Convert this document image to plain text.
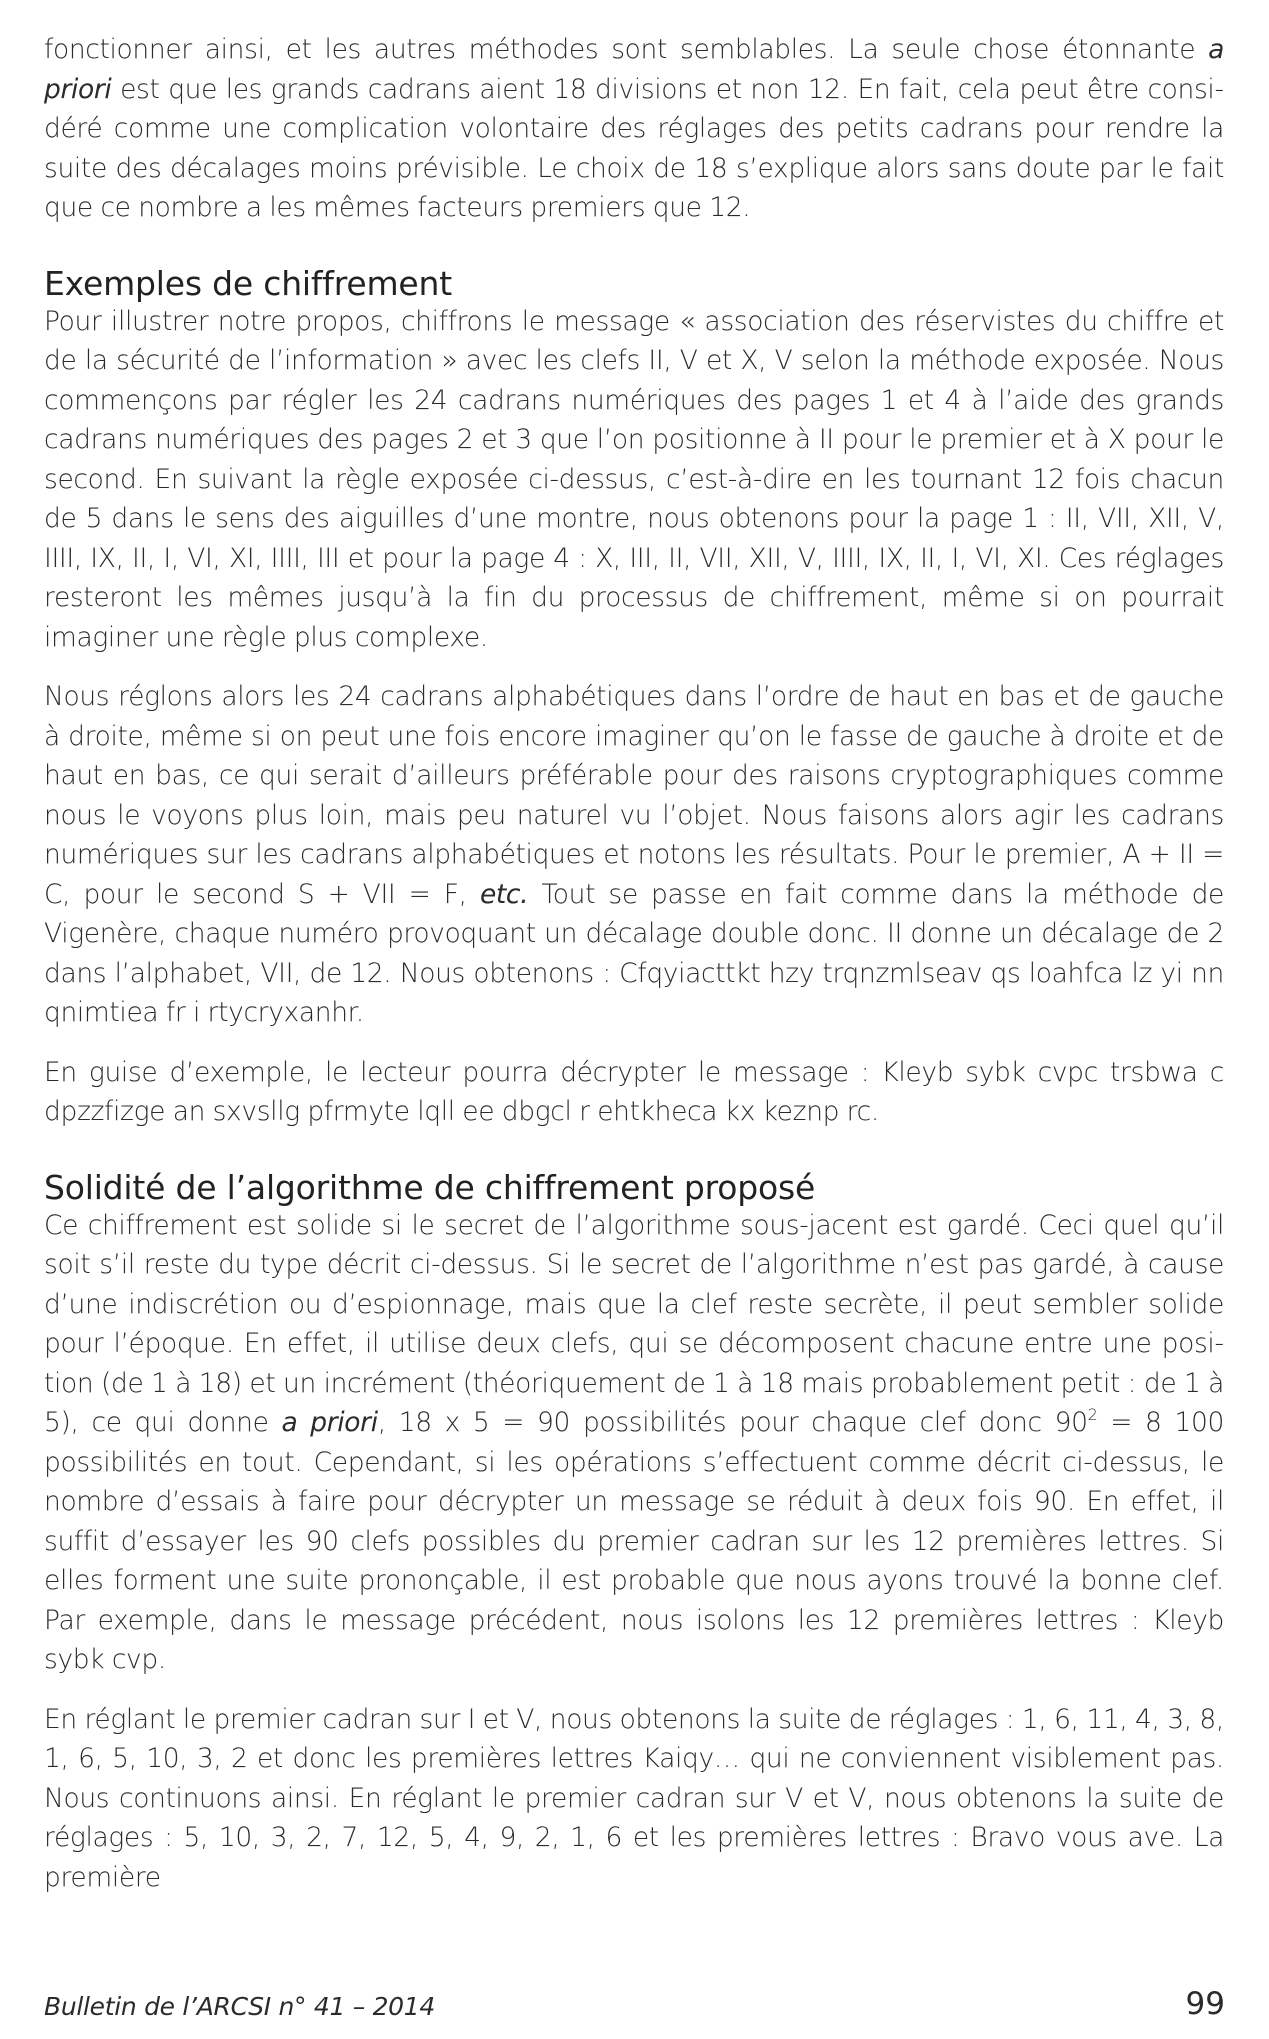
fonctionner ainsi, et les autres méthodes sont semblables. La seule chose étonnante a priori est que les grands cadrans aient 18 divisions et non 12. En fait, cela peut être considéré comme une complication volontaire des réglages des petits cadrans pour rendre la suite des décalages moins prévisible. Le choix de 18 s’explique alors sans doute par le fait que ce nombre a les mêmes facteurs premiers que 12.

Exemples de chiffrement

Pour illustrer notre propos, chiffrons le message « association des réservistes du chiffre et de la sécurité de l’information » avec les clefs II, V et X, V selon la méthode exposée. Nous commençons par régler les 24 cadrans numériques des pages 1 et 4 à l’aide des grands cadrans numériques des pages 2 et 3 que l’on positionne à II pour le premier et à X pour le second. En suivant la règle exposée ci-dessus, c’est-à-dire en les tournant 12 fois chacun de 5 dans le sens des aiguilles d’une montre, nous obtenons pour la page 1 : II, VII, XII, V, IIII, IX, II, I, VI, XI, IIII, III et pour la page 4 : X, III, II, VII, XII, V, IIII, IX, II, I, VI, XI. Ces réglages resteront les mêmes jusqu’à la fin du processus de chiffrement, même si on pourrait imaginer une règle plus complexe.

Nous réglons alors les 24 cadrans alphabétiques dans l’ordre de haut en bas et de gauche à droite, même si on peut une fois encore imaginer qu’on le fasse de gauche à droite et de haut en bas, ce qui serait d’ailleurs préférable pour des raisons cryptographiques comme nous le voyons plus loin, mais peu naturel vu l’objet. Nous faisons alors agir les cadrans numériques sur les cadrans alphabétiques et notons les résultats. Pour le premier, A + II = C, pour le second S + VII = F, etc. Tout se passe en fait comme dans la méthode de Vigenère, chaque numéro provoquant un décalage double donc. II donne un décalage de 2 dans l’alphabet, VII, de 12. Nous obtenons : Cfqyiacttkt hzy trqnzmlseav qs loahfca lz yi nn qnimtiea fr i rtycryxanhr.

En guise d’exemple, le lecteur pourra décrypter le message : Kleyb sybk cvpc trsbwa c dpzzfizge an sxvsllg pfrmyte lqll ee dbgcl r ehtkheca kx keznp rc.

Solidité de l’algorithme de chiffrement proposé

Ce chiffrement est solide si le secret de l’algorithme sous-jacent est gardé. Ceci quel qu’il soit s’il reste du type décrit ci-dessus. Si le secret de l’algorithme n’est pas gardé, à cause d’une indiscrétion ou d’espionnage, mais que la clef reste secrète, il peut sembler solide pour l’époque. En effet, il utilise deux clefs, qui se décomposent chacune entre une position (de 1 à 18) et un incrément (théoriquement de 1 à 18 mais probablement petit : de 1 à 5), ce qui donne a priori, 18 x 5 = 90 possibilités pour chaque clef donc $90^2 = 8$ 100 possibilités en tout. Cependant, si les opérations s’effectuent comme décrit ci-dessus, le nombre d’essais à faire pour décrypter un message se réduit à deux fois 90. En effet, il suffit d’essayer les 90 clefs possibles du premier cadran sur les 12 premières lettres. Si elles forment une suite prononçable, il est probable que nous ayons trouvé la bonne clef. Par exemple, dans le message précédent, nous isolons les 12 premières lettres : Kleyb sybk cvp.

En réglant le premier cadran sur I et V, nous obtenons la suite de réglages : 1, 6, 11, 4, 3, 8, 1, 6, 5, 10, 3, 2 et donc les premières lettres Kaiqy… qui ne conviennent visiblement pas. Nous continuons ainsi. En réglant le premier cadran sur V et V, nous obtenons la suite de réglages : 5, 10, 3, 2, 7, 12, 5, 4, 9, 2, 1, 6 et les premières lettres : Bravo vous ave. La première

Bulletin de l’ARCSI n° 41 – 2014	99
